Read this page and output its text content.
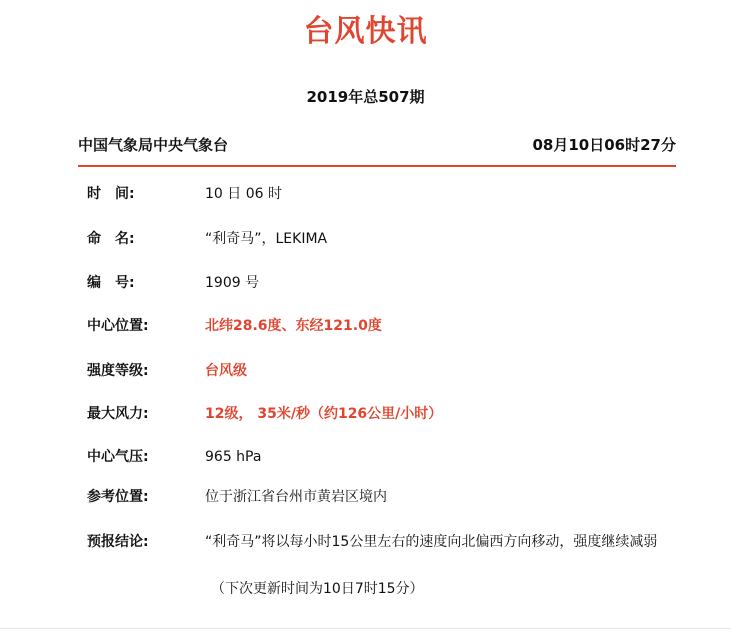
台风快讯
2019年总507期
中国气象局中央气象台	08月10日06时27分
时　间:	10 日 06 时
命　名:	“利奇马”，LEKIMA
编　号:	1909 号
中心位置:	北纬28.6度、东经121.0度
强度等级:	台风级
最大风力:	12级， 35米/秒（约126公里/小时）
中心气压:	965 hPa
参考位置:	位于浙江省台州市黄岩区境内
预报结论:	“利奇马”将以每小时15公里左右的速度向北偏西方向移动，强度继续减弱
（下次更新时间为10日7时15分）
